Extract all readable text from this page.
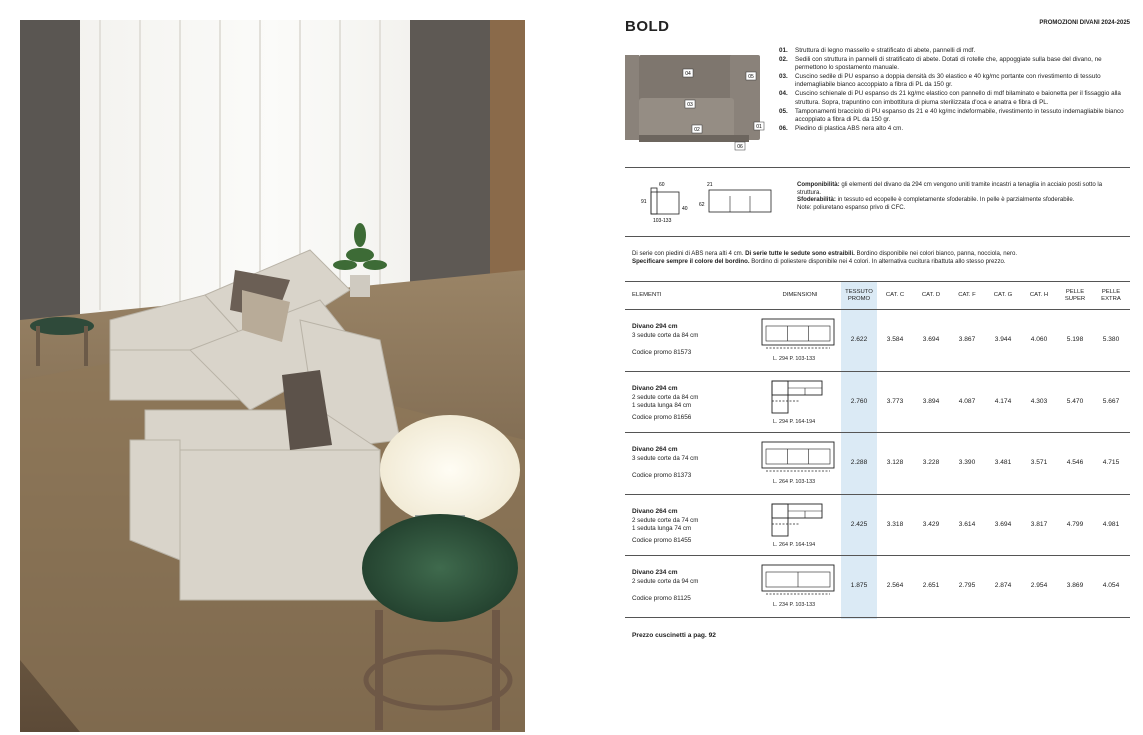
BOLD	PROMOZIONI DIVANI 2024-2025
04	05
03
02	01
06
01.	Struttura di legno massello e stratificato di abete, pannelli di mdf.
02.	Sedili con struttura in pannelli di stratificato di abete. Dotati di rotelle che, appoggiate sulla base del divano, ne permettono lo spostamento manuale.
03.	Cuscino sedile di PU espanso a doppia densità ds 30 elastico e 40 kg/mc portante con rivestimento di tessuto indemagliabile bianco accoppiato a fibra di PL da 150 gr.
04.	Cuscino schienale di PU espanso ds 21 kg/mc elastico con pannello di mdf bilaminato e baionetta per il fissaggio alla struttura. Sopra, trapuntino con imbottitura di piuma sterilizzata d'oca e anatra e fibra di PL.
05.	Tamponamenti bracciolo di PU espanso ds 21 e 40 kg/mc indeformabile, rivestimento in tessuto indemagliabile bianco accoppiato a fibra di PL da 150 gr.
06.	Piedino di plastica ABS nera alto 4 cm.
60
91
40
103-133
21
62
Componibilità: gli elementi del divano da 294 cm vengono uniti tramite incastri a tenaglia in acciaio posti sotto la struttura.
Sfoderabilità: in tessuto ed ecopelle è completamente sfoderabile. In pelle è parzialmente sfoderabile.
Note: poliuretano espanso privo di CFC.
Di serie con piedini di ABS nera alti 4 cm. Di serie tutte le sedute sono estraibili. Bordino disponibile nei colori bianco, panna, nocciola, nero.
Specificare sempre il colore del bordino. Bordino di poliestere disponibile nei 4 colori. In alternativa cucitura ribattuta allo stesso prezzo.
ELEMENTI	DIMENSIONI	TESSUTO PROMO
CAT. C	CAT. D	CAT. F	CAT. G	CAT. H	PELLE SUPER
PELLE EXTRA
Divano 294 cm
3 sedute corte da 84 cm
Codice promo 81573
L. 294 P. 103-133
2.622	3.584	3.694	3.867	3.944	4.060	5.198	5.380
Divano 294 cm
2 sedute corte da 84 cm
1 seduta lunga 84 cm
Codice promo 81656
L. 294 P. 164-194
2.760	3.773	3.894	4.087	4.174	4.303	5.470	5.667
Divano 264 cm
3 sedute corte da 74 cm
Codice promo 81373
L. 264 P. 103-133
2.288	3.128	3.228	3.390	3.481	3.571	4.546	4.715
Divano 264 cm
2 sedute corte da 74 cm
1 seduta lunga 74 cm
Codice promo 81455
L. 264 P. 164-194
2.425	3.318	3.429	3.614	3.694	3.817	4.799	4.981
Divano 234 cm
2 sedute corte da 94 cm
Codice promo 81125
L. 234 P. 103-133
1.875	2.564	2.651	2.795	2.874	2.954	3.869	4.054
Prezzo cuscinetti a pag. 92
